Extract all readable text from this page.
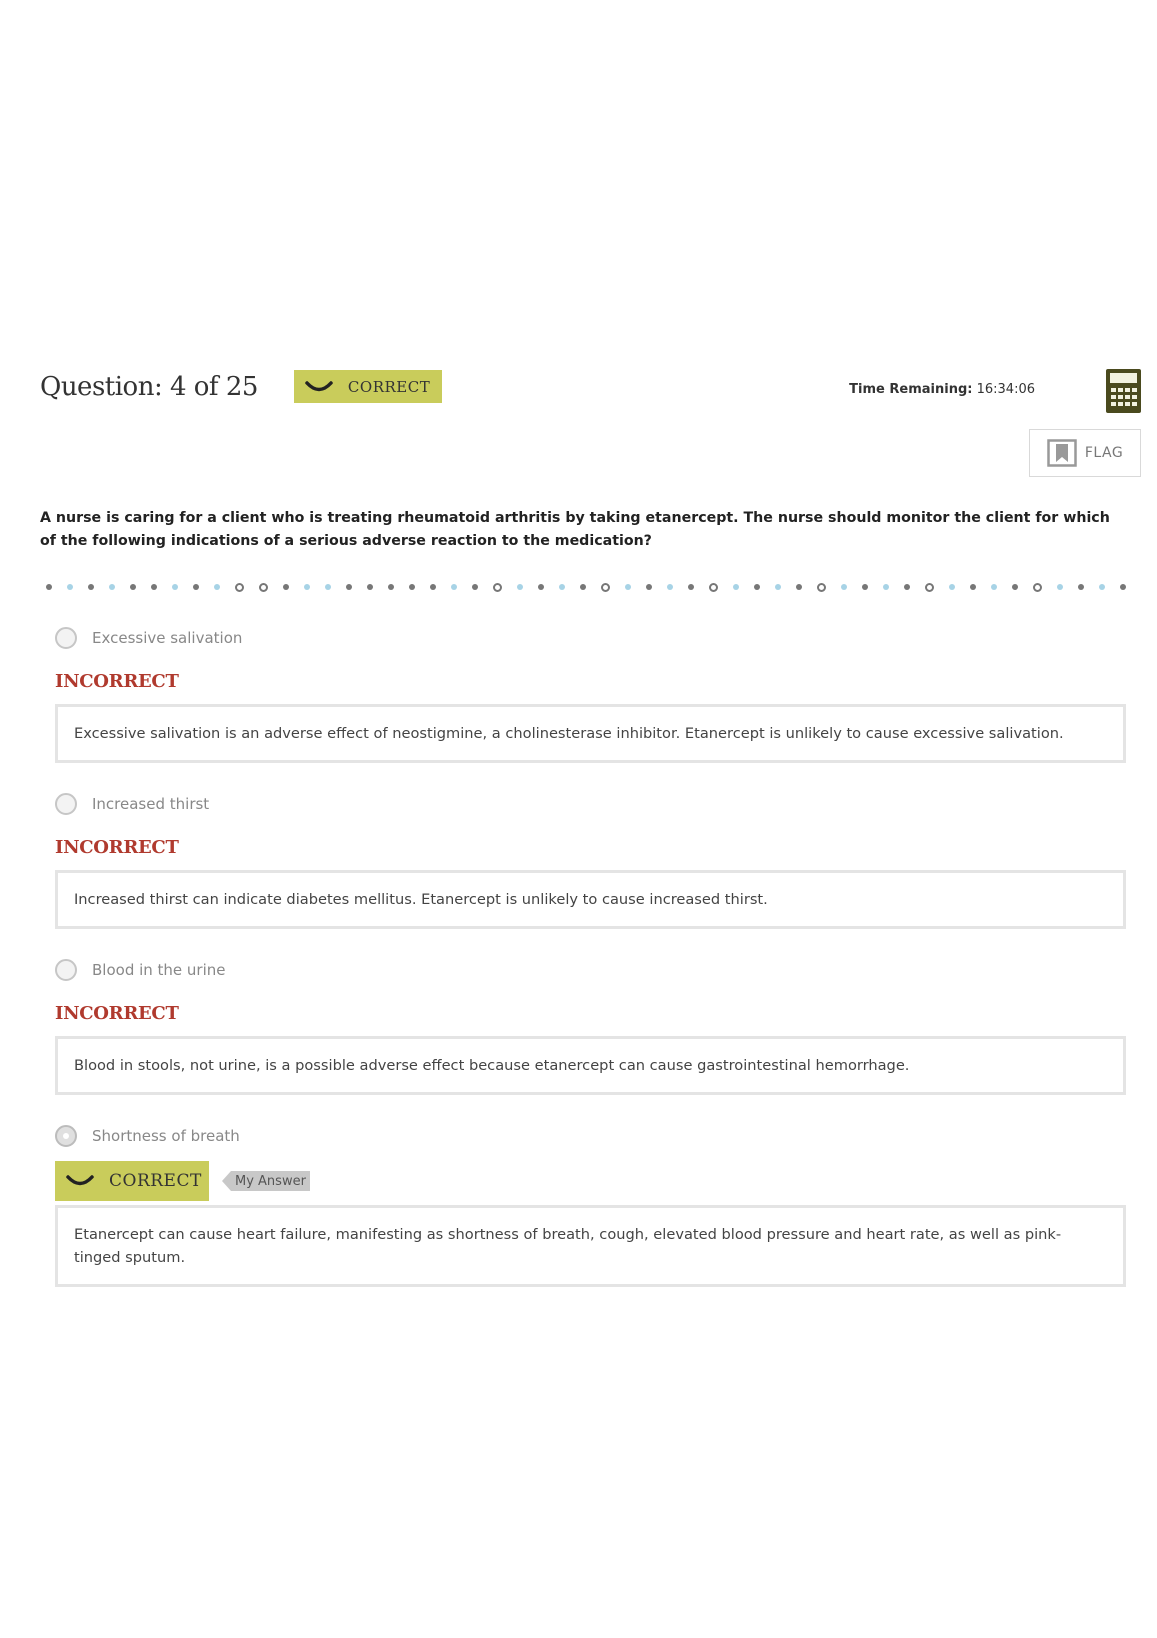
Question: 4 of 25	CORRECT	Time Remaining: 16:34:06
FLAG
A nurse is caring for a client who is treating rheumatoid arthritis by taking etanercept. The nurse should monitor the client for which of the following indications of a serious adverse reaction to the medication?
Excessive salivation
INCORRECT
Excessive salivation is an adverse effect of neostigmine, a cholinesterase inhibitor. Etanercept is unlikely to cause excessive salivation.
Increased thirst
INCORRECT
Increased thirst can indicate diabetes mellitus. Etanercept is unlikely to cause increased thirst.
Blood in the urine
INCORRECT
Blood in stools, not urine, is a possible adverse effect because etanercept can cause gastrointestinal hemorrhage.
Shortness of breath
CORRECT	My Answer
Etanercept can cause heart failure, manifesting as shortness of breath, cough, elevated blood pressure and heart rate, as well as pink-tinged sputum.
